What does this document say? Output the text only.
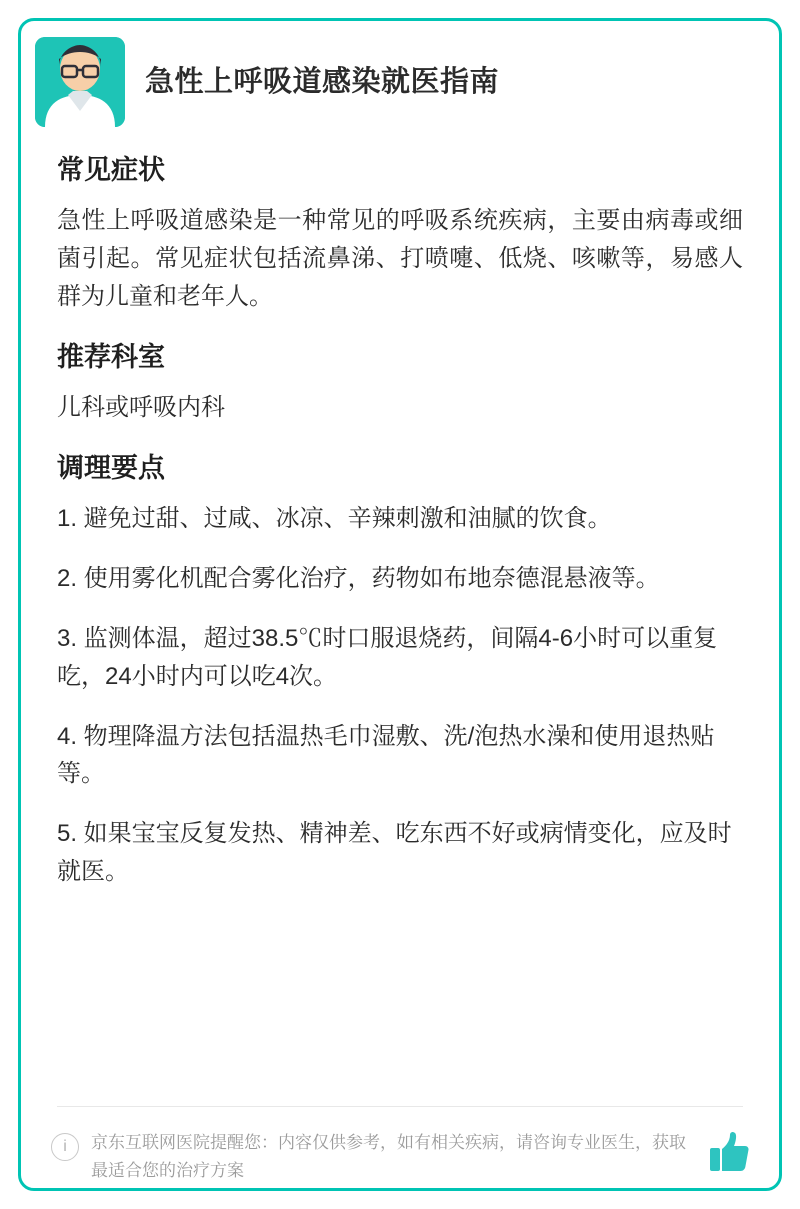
急性上呼吸道感染就医指南
常见症状

急性上呼吸道感染是一种常见的呼吸系统疾病，主要由病毒或细菌引起。常见症状包括流鼻涕、打喷嚏、低烧、咳嗽等，易感人群为儿童和老年人。

推荐科室

儿科或呼吸内科

调理要点

1. 避免过甜、过咸、冰凉、辛辣刺激和油腻的饮食。

2. 使用雾化机配合雾化治疗，药物如布地奈德混悬液等。

3. 监测体温，超过38.5℃时口服退烧药，间隔4-6小时可以重复吃，24小时内可以吃4次。

4. 物理降温方法包括温热毛巾湿敷、洗/泡热水澡和使用退热贴等。

5. 如果宝宝反复发热、精神差、吃东西不好或病情变化，应及时就医。

i	京东互联网医院提醒您：内容仅供参考，如有相关疾病，请咨询专业医生，获取最适合您的治疗方案
